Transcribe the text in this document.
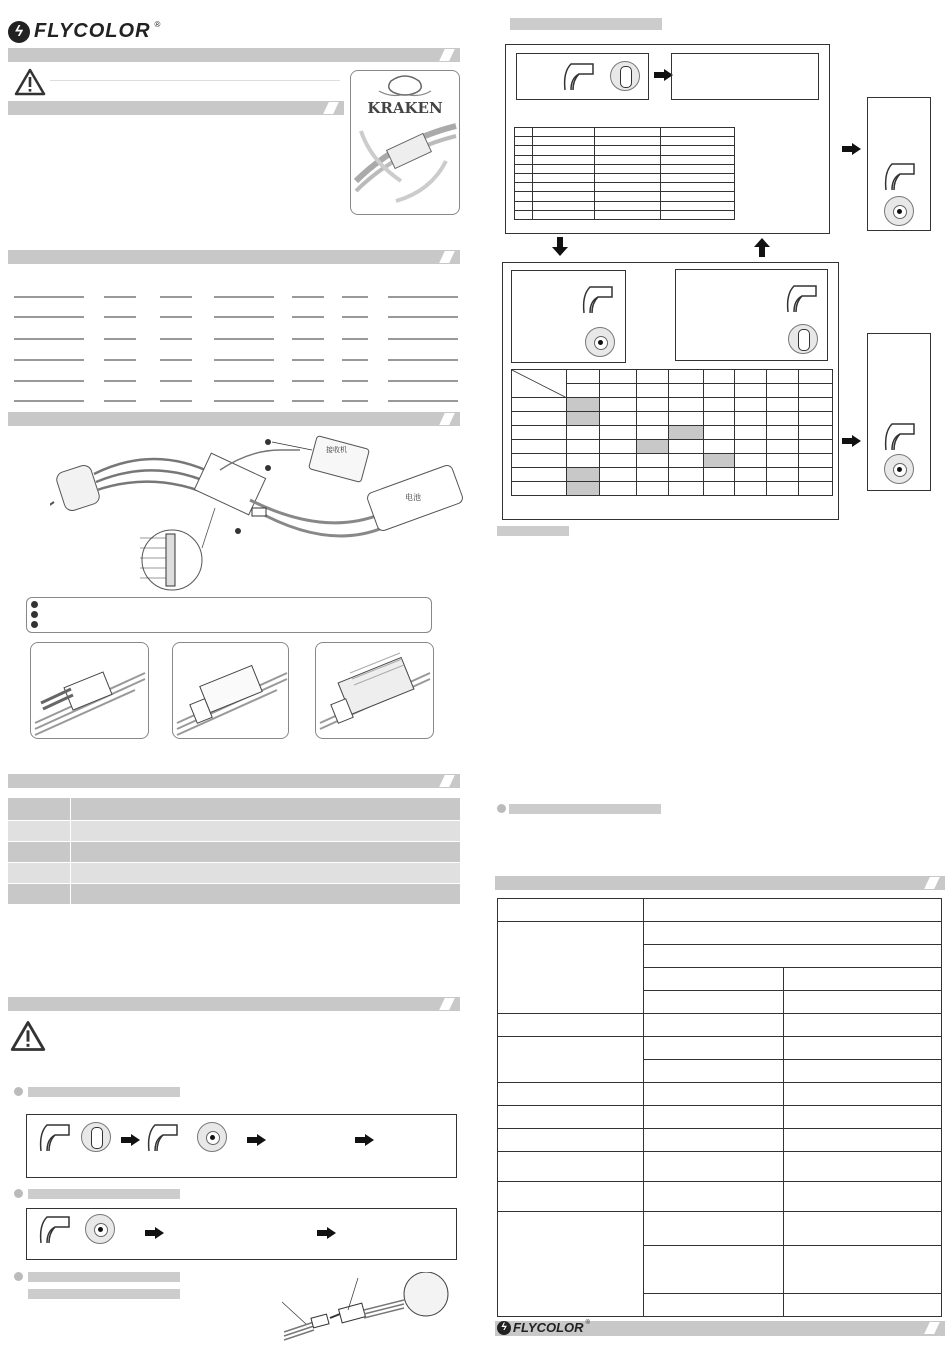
ϟ FLYCOLOR ®
KRAKEN
接收机
电池

ϟ FLYCOLOR ®
